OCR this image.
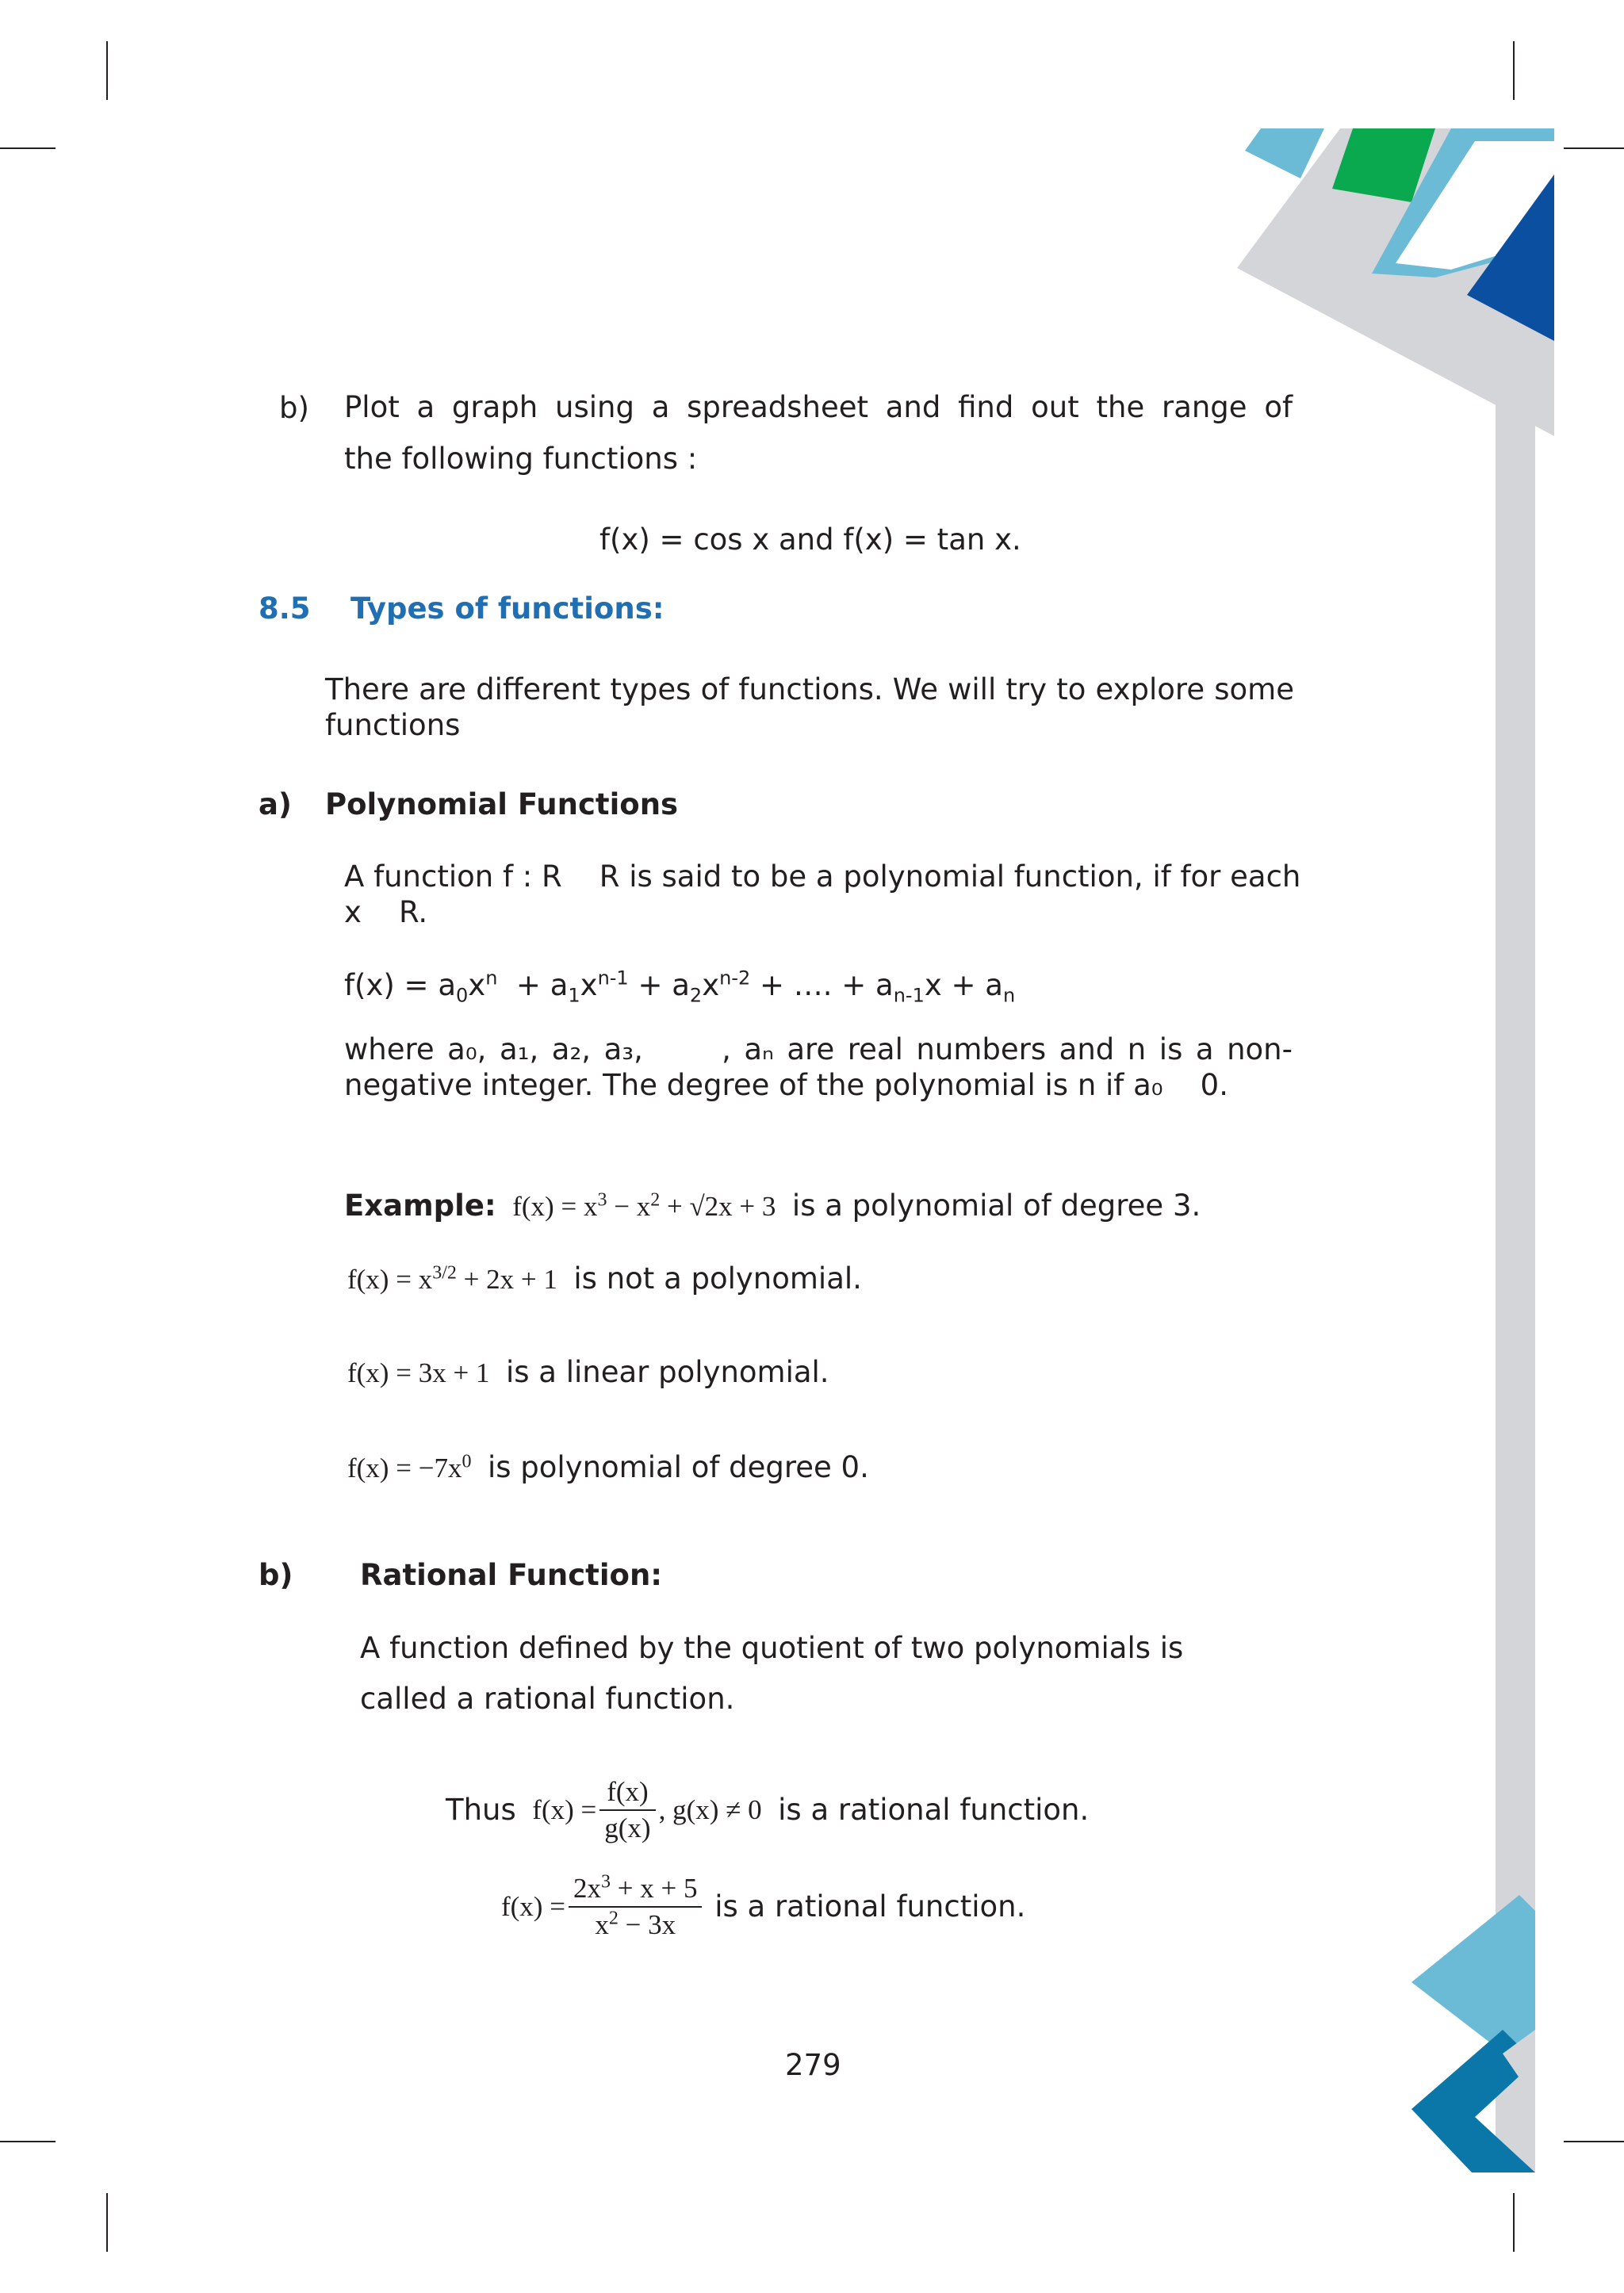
b) Plot a graph using a spreadsheet and find out the range of
the following functions :
f(x) = cos x and f(x) = tan x.
8.5 Types of functions:
There are different types of functions. We will try to explore some
functions
a) Polynomial Functions
A function f : R    R is said to be a polynomial function, if for each
x    R.
$f(x) = a_0x^n + a_1x^{n-1} + a_2x^{n-2}$ + …. + $a_{n-1}x + a_n$
where a₀, a₁, a₂, a₃,      , aₙ are real numbers and n is a non-
negative integer. The degree of the polynomial is n if a₀    0.
Example:  $f(x) = x^3 - x^2 + √2x + 3$  is a polynomial of degree 3.
$f(x) = x^{3/2} + 2x + 1$  is not a polynomial.
f(x) = 3x + 1  is a linear polynomial.
$f(x) = -7x^0$ is polynomial of degree 0.
b) Rational Function:
A function defined by the quotient of two polynomials is
called a rational function.
Thus  $f(x) = \frac{f(x)}{g(x)}$ , g(x) ≠ 0  is a rational function.
$f(x) = \frac{2x^3 + x + 5}{x^2 - 3x}$ is a rational function.
279
